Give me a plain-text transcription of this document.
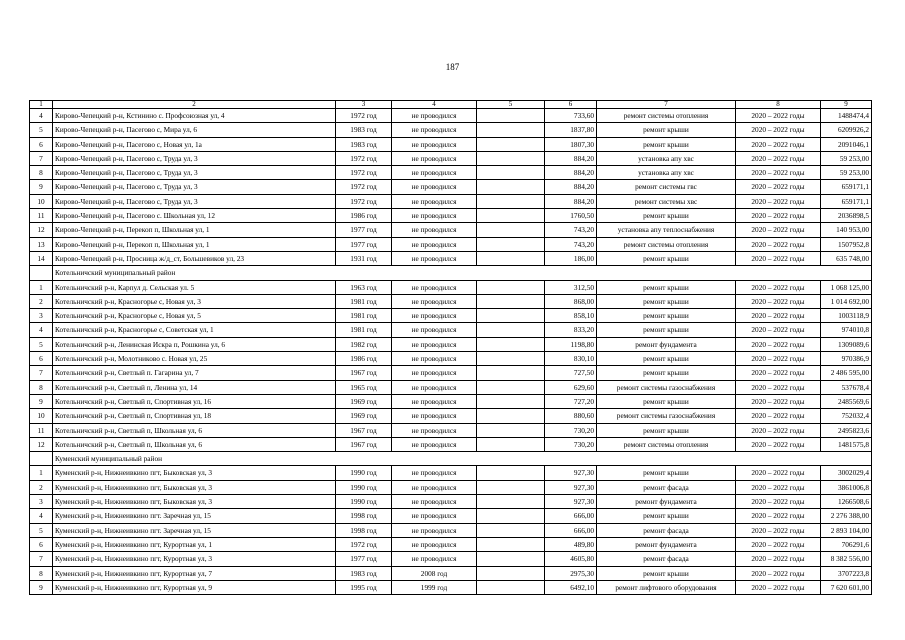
187
1	2	3	4	5	6	7	8	9
4	Кирово-Чепецкий р-н, Кстинино с. Профсоюзная ул, 4	1972 год	не проводился		733,60	ремонт системы отопления	2020 – 2022 годы	1488474,4
5	Кирово-Чепецкий р-н, Пасегово с, Мира ул, 6	1983 год	не проводился		1837,80	ремонт крыши	2020 – 2022 годы	6209926,2
6	Кирово-Чепецкий р-н, Пасегово с, Новая ул, 1а	1983 год	не проводился		1807,30	ремонт крыши	2020 – 2022 годы	2091046,1
7	Кирово-Чепецкий р-н, Пасегово с, Труда ул, 3	1972 год	не проводился		884,20	установка апу хвс	2020 – 2022 годы	59 253,00
8	Кирово-Чепецкий р-н, Пасегово с, Труда ул, 3	1972 год	не проводился		884,20	установка апу хвс	2020 – 2022 годы	59 253,00
9	Кирово-Чепецкий р-н, Пасегово с, Труда ул, 3	1972 год	не проводился		884,20	ремонт системы гвс	2020 – 2022 годы	659171,1
10	Кирово-Чепецкий р-н, Пасегово с, Труда ул, 3	1972 год	не проводился		884,20	ремонт системы хвс	2020 – 2022 годы	659171,1
11	Кирово-Чепецкий р-н, Пасегово с. Школьная ул, 12	1986 год	не проводился		1760,50	ремонт крыши	2020 – 2022 годы	2036898,5
12	Кирово-Чепецкий р-н, Перекоп п, Школьная ул, 1	1977 год	не проводился		743,20	установка апу теплоснабжения	2020 – 2022 годы	140 953,00
13	Кирово-Чепецкий р-н, Перекоп п, Школьная ул, 1	1977 год	не проводился		743,20	ремонт системы отопления	2020 – 2022 годы	1507952,8
14	Кирово-Чепецкий р-н, Просница ж/д_ст, Большевиков ул, 23	1931 год	не проводился		186,00	ремонт крыши	2020 – 2022 годы	635 748,00
	Котельничский муниципальный район							
1	Котельничский р-н, Карпул д. Сельская ул. 5	1963 год	не проводился		312,50	ремонт крыши	2020 – 2022 годы	1 068 125,00
2	Котельничский р-н, Красногорье с, Новая ул, 3	1981 год	не проводился		868,00	ремонт крыши	2020 – 2022 годы	1 014 692,00
3	Котельничский р-н, Красногорье с, Новая ул, 5	1981 год	не проводился		858,10	ремонт крыши	2020 – 2022 годы	1003118,9
4	Котельничский р-н, Красногорье с, Советская ул, 1	1981 год	не проводился		833,20	ремонт крыши	2020 – 2022 годы	974010,8
5	Котельничский р-н, Ленинская Искра п, Рошкина ул, 6	1982 год	не проводился		1198,80	ремонт фундамента	2020 – 2022 годы	1309089,6
6	Котельничский р-н, Молотниково с. Новая ул, 25	1986 год	не проводился		830,10	ремонт крыши	2020 – 2022 годы	970386,9
7	Котельничский р-н, Светлый п. Гагарина ул, 7	1967 год	не проводился		727,50	ремонт крыши	2020 – 2022 годы	2 486 595,00
8	Котельничский р-н, Светлый п, Ленина ул, 14	1965 год	не проводился		629,60	ремонт системы газоснабжения	2020 – 2022 годы	537678,4
9	Котельничский р-н, Светлый п, Спортивная ул, 16	1969 год	не проводился		727,20	ремонт крыши	2020 – 2022 годы	2485569,6
10	Котельничский р-н, Светлый п, Спортивная ул, 18	1969 год	не проводился		880,60	ремонт системы газоснабжения	2020 – 2022 годы	752032,4
11	Котельничский р-н, Светлый п, Школьная ул, 6	1967 год	не проводился		730,20	ремонт крыши	2020 – 2022 годы	2495823,6
12	Котельничский р-н, Светлый п, Школьная ул, 6	1967 год	не проводился		730,20	ремонт системы отопления	2020 – 2022 годы	1481575,8
	Куменский муниципальный район							
1	Куменский р-н, Нижнеивкино пгт, Быковская ул, 3	1990 год	не проводился		927,30	ремонт крыши	2020 – 2022 годы	3002029,4
2	Куменский р-н, Нижнеивкино пгт, Быковская ул, 3	1990 год	не проводился		927,30	ремонт фасада	2020 – 2022 годы	3861006,8
3	Куменский р-н, Нижнеивкино пгт, Быковская ул, 3	1990 год	не проводился		927,30	ремонт фундамента	2020 – 2022 годы	1266508,6
4	Куменский р-н, Нижнеивкино пгт. Заречная ул, 15	1998 год	не проводился		666,00	ремонт крыши	2020 – 2022 годы	2 276 388,00
5	Куменский р-н, Нижнеивкино пгт. Заречная ул, 15	1998 год	не проводился		666,00	ремонт фасада	2020 – 2022 годы	2 893 104,00
6	Куменский р-н, Нижнеивкино пгт, Курортная ул, 1	1972 год	не проводился		489,80	ремонт фундамента	2020 – 2022 годы	706291,6
7	Куменский р-н, Нижнеивкино пгт, Курортная ул, 3	1977 год	не проводился		4605,80	ремонт фасада	2020 – 2022 годы	8 382 556,00
8	Куменский р-н, Нижнеивкино пгт, Курортная ул, 7	1983 год	2008 год		2975,30	ремонт крыши	2020 – 2022 годы	3707223,8
9	Куменский р-н, Нижнеивкино пгт, Курортная ул, 9	1995 год	1999 год		6492,10	ремонт лифтового оборудования	2020 – 2022 годы	7 620 601,00
